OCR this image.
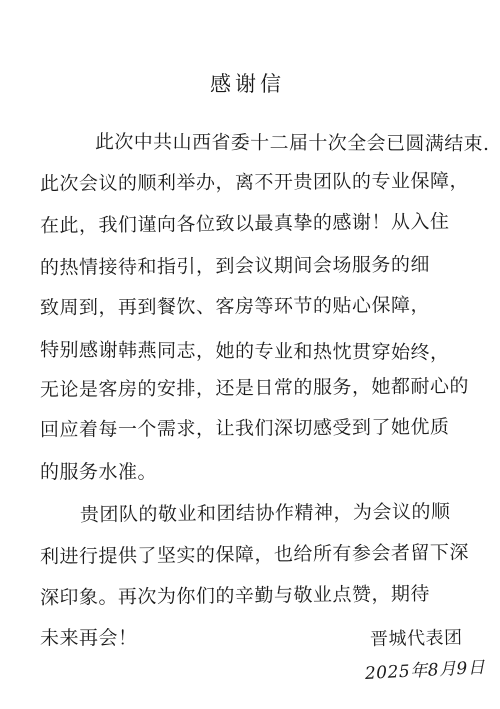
感谢信
此次中共山西省委十二届十次全会已圆满结束.
此次会议的顺利举办，离不开贵团队的专业保障，
在此，我们谨向各位致以最真挚的感谢！从入住
的热情接待和指引，到会议期间会场服务的细
致周到，再到餐饮、客房等环节的贴心保障，
特别感谢韩燕同志，她的专业和热忱贯穿始终，
无论是客房的安排，还是日常的服务，她都耐心的
回应着每一个需求，让我们深切感受到了她优质
的服务水准。
贵团队的敬业和团结协作精神，为会议的顺
利进行提供了坚实的保障，也给所有参会者留下深
深印象。再次为你们的辛勤与敬业点赞，期待
未来再会！	晋城代表团
2025年8月9日
